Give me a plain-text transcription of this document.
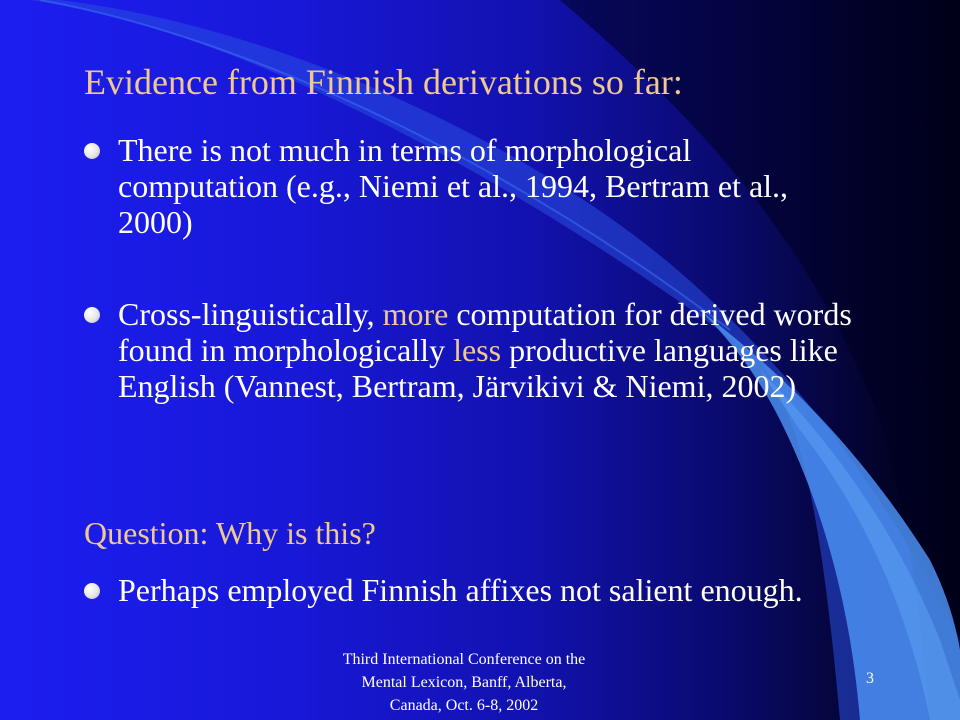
Evidence from Finnish derivations so far:
There is not much in terms of morphological computation (e.g., Niemi et al., 1994, Bertram et al., 2000)
Cross-linguistically, more computation for derived words found in morphologically less productive languages like English (Vannest, Bertram, Järvikivi & Niemi, 2002)
Question: Why is this?
Perhaps employed Finnish affixes not salient enough.
Third International Conference on the
Mental Lexicon, Banff, Alberta,
Canada, Oct. 6-8, 2002
3
